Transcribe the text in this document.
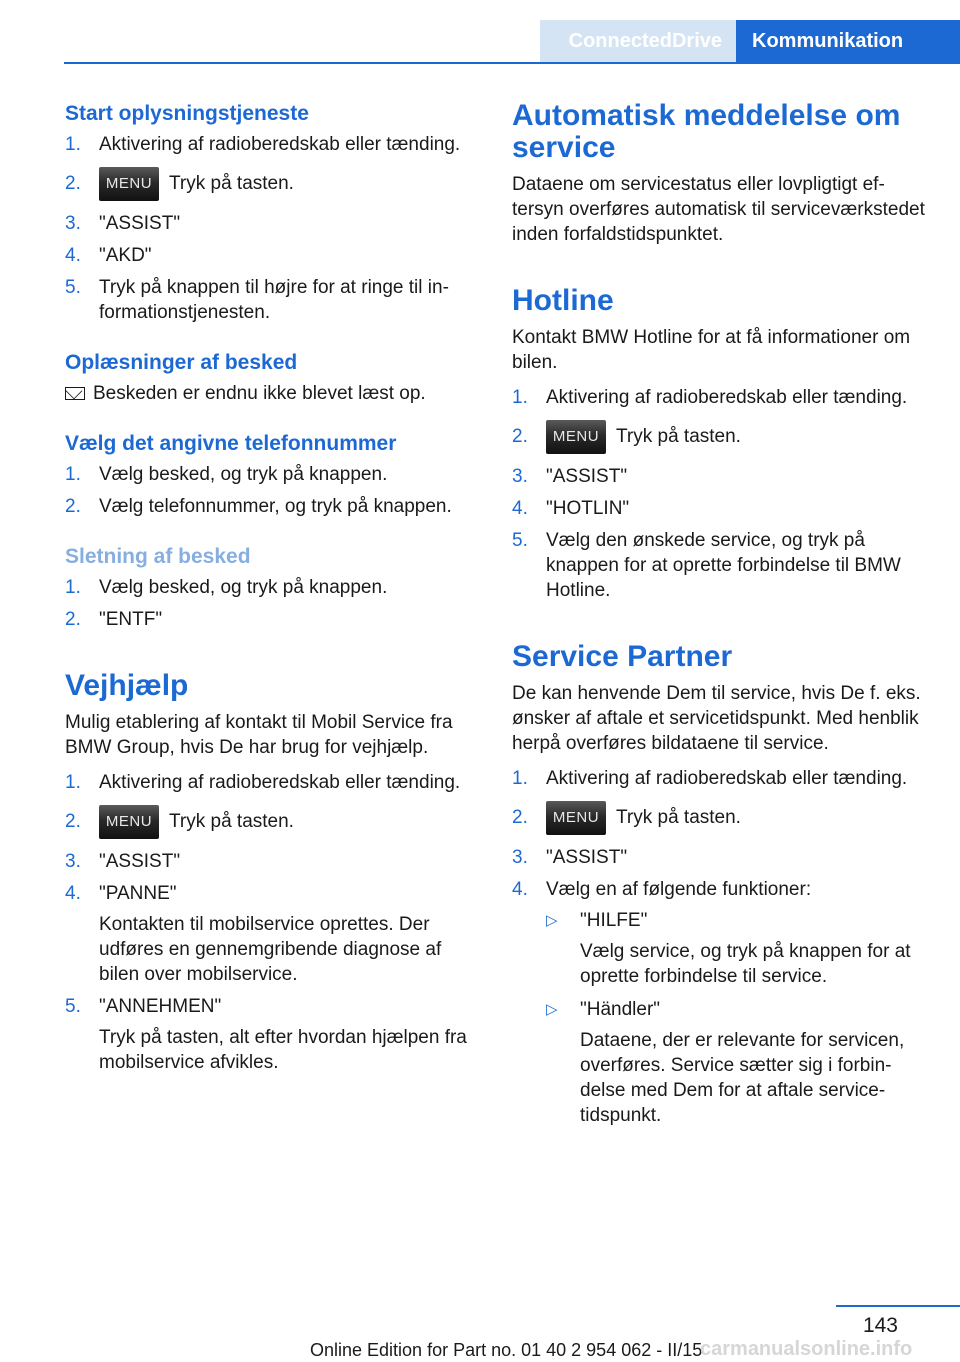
ConnectedDrive	Kommunikation
Start oplysningstjeneste
1. Aktivering af radioberedskab eller tænding.
2. MENU Tryk på tasten.
3. "ASSIST"
4. "AKD"
5. Tryk på knappen til højre for at ringe til informationstjenesten.
Oplæsninger af besked
Beskeden er endnu ikke blevet læst op.
Vælg det angivne telefonnummer
1. Vælg besked, og tryk på knappen.
2. Vælg telefonnummer, og tryk på knappen.
Sletning af besked
1. Vælg besked, og tryk på knappen.
2. "ENTF"
Vejhjælp
Mulig etablering af kontakt til Mobil Service fra BMW Group, hvis De har brug for vejhjælp.
1. Aktivering af radioberedskab eller tænding.
2. MENU Tryk på tasten.
3. "ASSIST"
4. "PANNE"
Kontakten til mobilservice oprettes. Der udføres en gennemgribende diagnose af bilen over mobilservice.
5. "ANNEHMEN"
Tryk på tasten, alt efter hvordan hjælpen fra mobilservice afvikles.
Automatisk meddelelse om service
Dataene om servicestatus eller lovpligtigt eftersyn overføres automatisk til serviceværkstedet inden forfaldstidspunktet.
Hotline
Kontakt BMW Hotline for at få informationer om bilen.
1. Aktivering af radioberedskab eller tænding.
2. MENU Tryk på tasten.
3. "ASSIST"
4. "HOTLIN"
5. Vælg den ønskede service, og tryk på knappen for at oprette forbindelse til BMW Hotline.
Service Partner
De kan henvende Dem til service, hvis De f. eks. ønsker af aftale et servicetidspunkt. Med henblik herpå overføres bildataene til service.
1. Aktivering af radioberedskab eller tænding.
2. MENU Tryk på tasten.
3. "ASSIST"
4. Vælg en af følgende funktioner:
▷ "HILFE"
Vælg service, og tryk på knappen for at oprette forbindelse til service.
▷ "Händler"
Dataene, der er relevante for servicen, overføres. Service sætter sig i forbindelse med Dem for at aftale servicetidspunkt.
143
Online Edition for Part no. 01 40 2 954 062 - II/15
carmanualsonline.info
